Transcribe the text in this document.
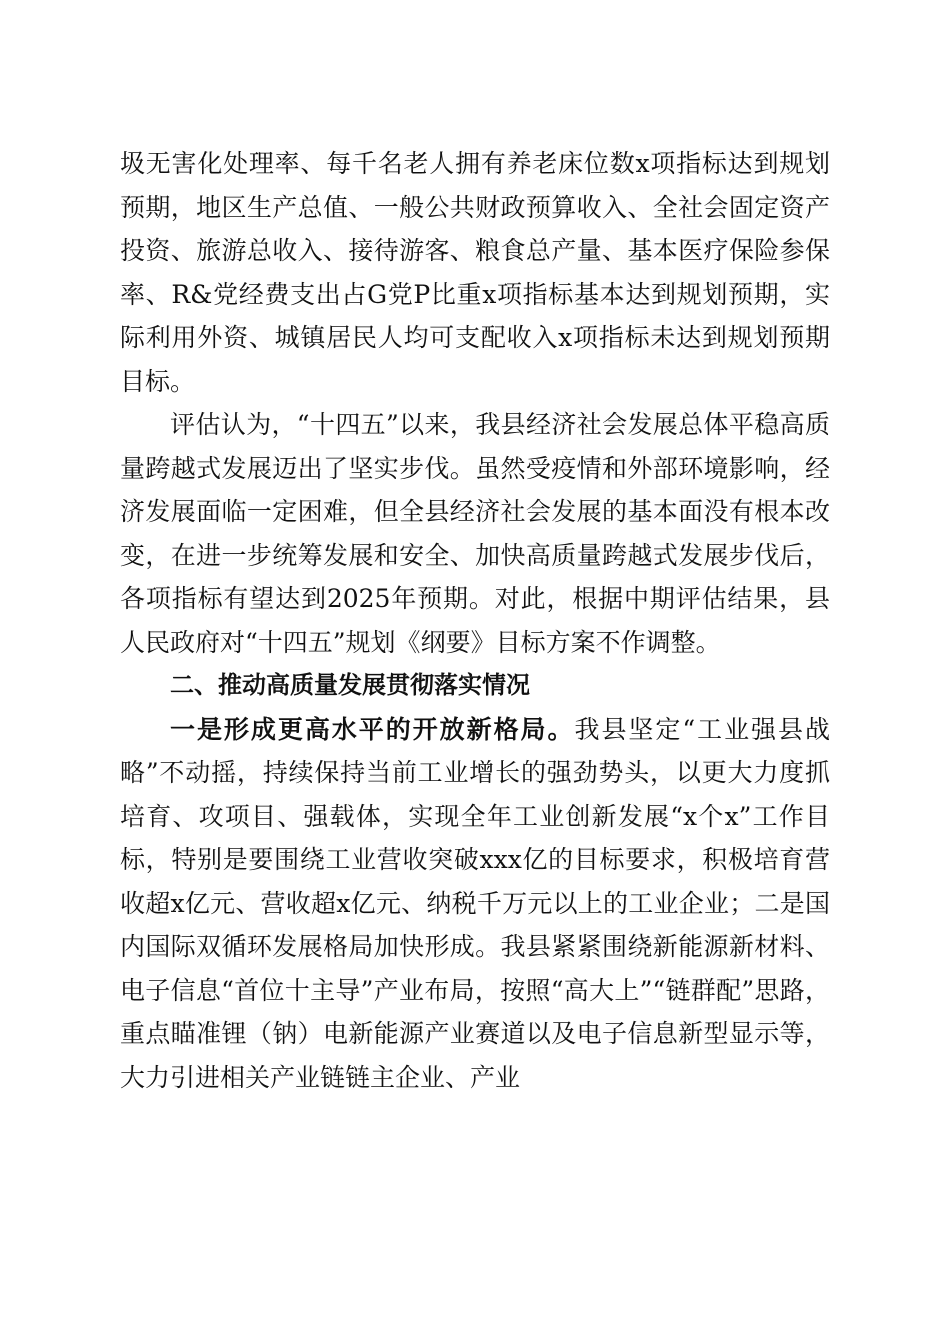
圾无害化处理率、每千名老人拥有养老床位数x项指标达到规划预期，地区生产总值、一般公共财政预算收入、全社会固定资产投资、旅游总收入、接待游客、粮食总产量、基本医疗保险参保率、R&党经费支出占G党P比重x项指标基本达到规划预期，实际利用外资、城镇居民人均可支配收入x项指标未达到规划预期目标。

评估认为，“十四五”以来，我县经济社会发展总体平稳高质量跨越式发展迈出了坚实步伐。虽然受疫情和外部环境影响，经济发展面临一定困难，但全县经济社会发展的基本面没有根本改变，在进一步统筹发展和安全、加快高质量跨越式发展步伐后，各项指标有望达到2025年预期。对此，根据中期评估结果，县人民政府对“十四五”规划《纲要》目标方案不作调整。

二、推动高质量发展贯彻落实情况

一是形成更高水平的开放新格局。我县坚定“工业强县战略”不动摇，持续保持当前工业增长的强劲势头，以更大力度抓培育、攻项目、强载体，实现全年工业创新发展“x个x”工作目标，特别是要围绕工业营收突破xxx亿的目标要求，积极培育营收超x亿元、营收超x亿元、纳税千万元以上的工业企业；二是国内国际双循环发展格局加快形成。我县紧紧围绕新能源新材料、电子信息“首位十主导”产业布局，按照“高大上”“链群配”思路，重点瞄准锂（钠）电新能源产业赛道以及电子信息新型显示等，大力引进相关产业链链主企业、产业
